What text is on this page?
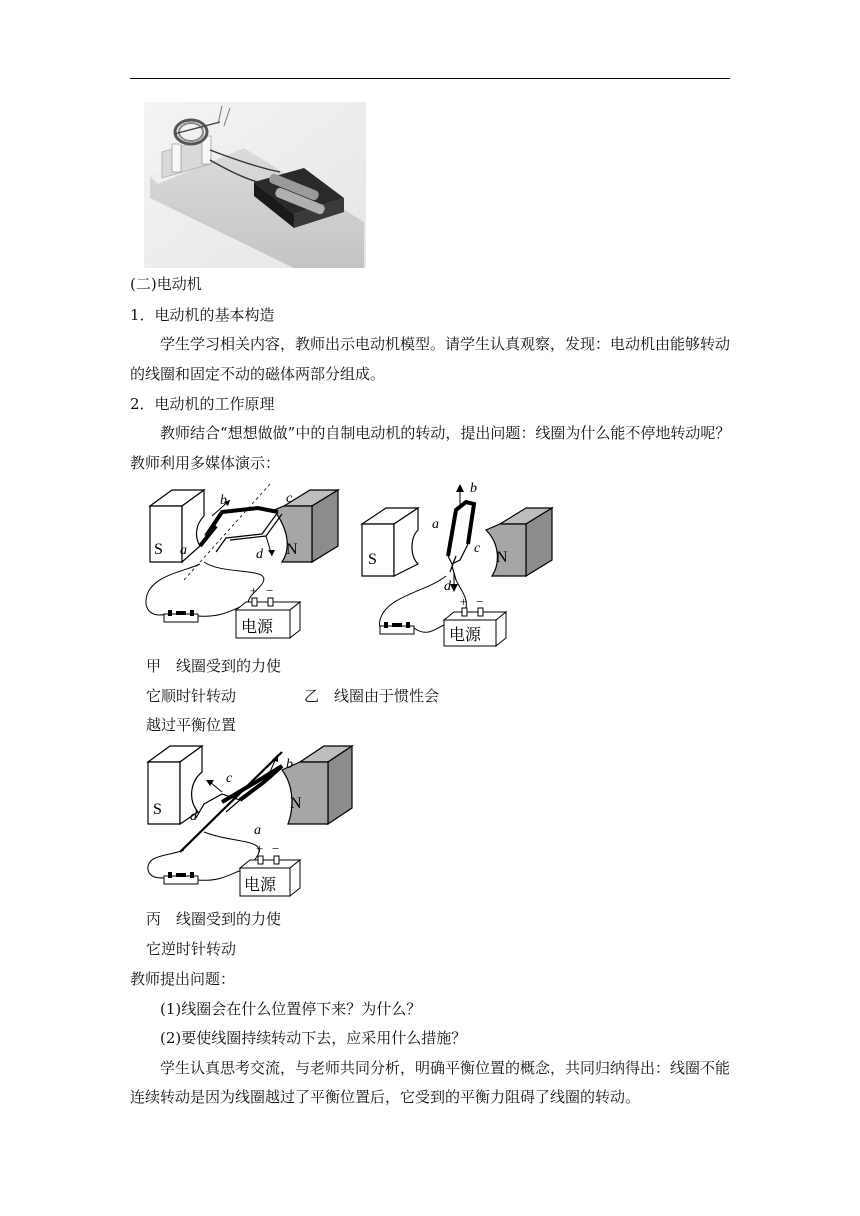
(二)电动机
1．电动机的基本构造
学生学习相关内容，教师出示电动机模型。请学生认真观察，发现：电动机由能够转动
的线圈和固定不动的磁体两部分组成。
2．电动机的工作原理
教师结合“想想做做”中的自制电动机的转动，提出问题：线圈为什么能不停地转动呢？
教师利用多媒体演示：
S	N
a
b	c
d
电源
+ −
S	N
a
b
c
d
电源
+ −
甲　线圈受到的力使
它顺时针转动	乙　线圈由于惯性会
越过平衡位置
S	N
a
b
c
d
电源
+ −
丙　线圈受到的力使
它逆时针转动
教师提出问题：
(1)线圈会在什么位置停下来？为什么？
(2)要使线圈持续转动下去，应采用什么措施？
学生认真思考交流，与老师共同分析，明确平衡位置的概念，共同归纳得出：线圈不能
连续转动是因为线圈越过了平衡位置后，它受到的平衡力阻碍了线圈的转动。
